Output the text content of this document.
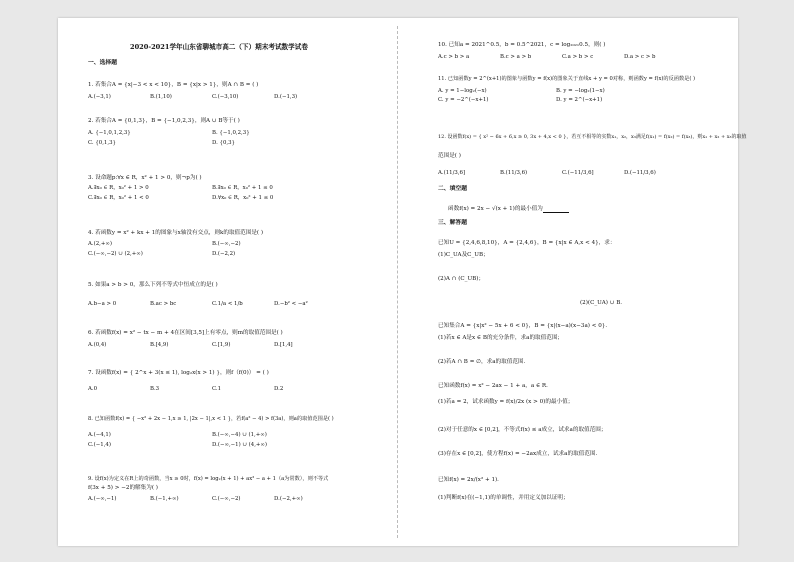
2020-2021学年山东省聊城市高二（下）期末考试数学试卷
一、选择题
1. 若集合A = {x|−3 < x < 10}，B = {x|x > 1}，则A ∩ B = ( )
A.(−3,1)	B.(1,10)	C.(−3,10)	D.(−1,3)
2. 若集合A = {0,1,3}，B = {−1,0,2,3}，则A ∪ B等于( )
A. {−1,0,1,2,3}	B. {−1,0,2,3}
C. {0,1,3}	D. {0,3}
3. 设命题p:∀x ∈ R，x² + 1 > 0，则¬p为( )
A.∃x₀ ∈ R，x₀² + 1 > 0	B.∃x₀ ∈ R，x₀² + 1 ≤ 0
C.∃x₀ ∈ R，x₀² + 1 < 0	D.∀x₀ ∈ R，x₀² + 1 ≤ 0
4. 若函数y = x² + kx + 1的图象与x轴没有交点，则k的取值范围是( )
A.(2,+∞)	B.(−∞,−2)
C.(−∞,−2) ∪ (2,+∞)	D.(−2,2)
5. 如果a > b > 0，那么下列不等式中恒成立的是( )
A.b−a > 0	B.ac > bc	C.1/a < 1/b	D.−b² < −a²
6. 若函数f(x) = x² − tx − m + 4在区间[3,5]上有零点，则m的取值范围是( )
A.(0,4)	B.[4,9)	C.[1,9)	D.[1,4]
7. 设函数f(x) = { 2^x + 3(x ≤ 1), log₂x(x > 1) }，则f（f(0)） = ( )
A.0	B.3	C.1	D.2
8. 已知函数f(x) = { −x² + 2x − 1,x ≥ 1, |2x − 1|,x < 1 }，若f(a² − 4) > f(3a)，则a的取值范围是( )
A.(−4,1)	B.(−∞,−4) ∪ (1,+∞)
C.(−1,4)	D.(−∞,−1) ∪ (4,+∞)
9. 设f(x)为定义在R上的奇函数，当x ≥ 0时，f(x) = log₂(x + 1) + ax² − a + 1（a为常数），则不等式
f(3x + 5) > −2的解集为( )
A.(−∞,−1)	B.(−1,+∞)	C.(−∞,−2)	D.(−2,+∞)
10. 已知a = 2021^0.5，b = 0.5^2021，c = log₂₀₂₁0.5，则( )
A.c > b > a	B.c > a > b	C.a > b > c	D.a > c > b
11. 已知函数y = 2^(x+1)的图象与函数y = f(x)的图象关于直线x + y = 0对称，则函数y = f(x)的反函数是( )
A. y = 1−log₂(−x)	B. y = −log₂(1−x)
C. y = −2^(−x+1)	D. y = 2^(−x+1)
12. 设函数f(x) = { x² − 6x + 6,x ≥ 0, 3x + 4,x < 0 }，若互不相等的实数x₁，x₂，x₃满足f(x₁) = f(x₂) = f(x₃)，则x₁ + x₂ + x₃的取值
范围是( )
A.(11/3,6]	B.(11/3,6)	C.(−11/3,6]	D.(−11/3,6)
二、填空题
函数f(x) = 2x − √(x + 1)的最小值为
三、解答题
已知U = {2,4,6,8,10}，A = {2,4,6}，B = {x|x ∈ A,x < 4}，求：
(1)C_UA及C_UB；
(2)A ∩ (C_UB)；
(2)(C_UA) ∪ B.
已知集合A = {x|x² − 5x + 6 < 0}，B = {x|(x−a)(x−3a) < 0}．
(1)若x ∈ A是x ∈ B的充分条件，求a的取值范围；
(2)若A ∩ B = ∅，求a的取值范围．
已知函数f(x) = x² − 2ax − 1 + a，a ∈ R．
(1)若a = 2，试求函数y = f(x)/2x (x > 0)的最小值；
(2)对于任意的x ∈ [0,2]，不等式f(x) ≤ a成立，试求a的取值范围；
(3)存在x ∈ [0,2]，使方程f(x) = −2ax成立，试求a的取值范围．
已知f(x) = 2x/(x² + 1)．
(1)判断f(x)在(−1,1)的单调性，并用定义加以证明；
